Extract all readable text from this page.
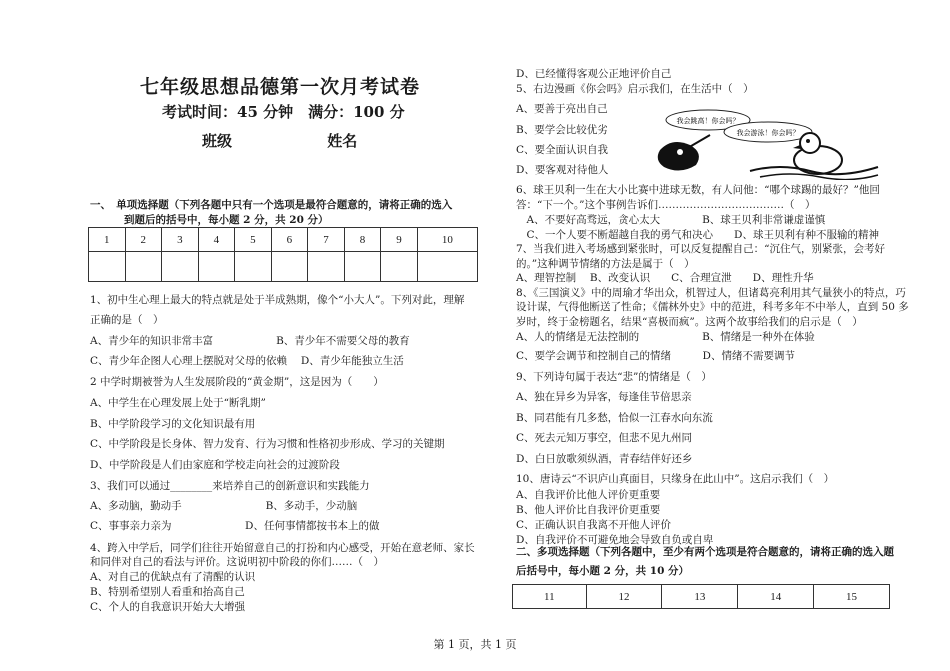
七年级思想品德第一次月考试卷
考试时间：45 分钟　满分：100 分
班级	姓名
一、　单项选择题（下列各题中只有一个选项是最符合题意的，请将正确的选入
到题后的括号中，每小题 2 分，共 20 分）
1	2	3	4	5	6	7	8	9	10

1、初中生心理上最大的特点就是处于半成熟期，像个“小大人”。下列对此，理解
正确的是（　）
A、青少年的知识非常丰富　　　　　　B、青少年不需要父母的教育
C、青少年企图人心理上摆脱对父母的依赖　 D、青少年能独立生活
2 中学时期被誉为人生发展阶段的“黄金期”，这是因为（　　）
A、中学生在心理发展上处于“断乳期”
B、中学阶段学习的文化知识最有用
C、中学阶段是长身体、智力发育、行为习惯和性格初步形成、学习的关键期
D、中学阶段是人们由家庭和学校走向社会的过渡阶段
3、我们可以通过________来培养自己的创新意识和实践能力
A、多动脑，勤动手　　　　　　　　B、多动手，少动脑
C、事事亲力亲为　　　　　　　D、任何事情都按书本上的做
4、跨入中学后，同学们往往开始留意自己的打扮和内心感受，开始在意老师、家长
和同伴对自己的看法与评价。这说明初中阶段的你们……（　）
A、对自己的优缺点有了清醒的认识
B、特别希望别人看重和抬高自己
C、个人的自我意识开始大大增强
D、已经懂得客观公正地评价自己
5、右边漫画《你会吗》启示我们，在生活中（　）
A、要善于亮出自己
B、要学会比较优劣
C、要全面认识自我
D、要客观对待他人
6、球王贝利一生在大小比赛中进球无数，有人问他：“哪个球踢的最好？”他回
答：“下一个。”这个事例告诉们………………………………（　）
　A、不要好高骛远，贪心太大　　　　B、球王贝利非常谦虚谨慎
　C、一个人要不断超越自我的勇气和决心　　D、球王贝利有种不服输的精神
7、当我们进入考场感到紧张时，可以反复提醒自己：“沉住气，别紧张，会考好
的。”这种调节情绪的方法是属于（　）
A、理智控制　 B、改变认识　　C、合理宣泄　　D、理性升华
8、《三国演义》中的周瑜才华出众，机智过人，但诸葛亮利用其气量狭小的特点，巧
设计谋，气得他断送了性命；《儒林外史》中的范进，科考多年不中举人，直到 50 多
岁时，终于金榜题名，结果“喜极而疯”。这两个故事给我们的启示是（　）
A、人的情绪是无法控制的　　　　　　B、情绪是一种外在体验
C、要学会调节和控制自己的情绪　　　D、情绪不需要调节
9、下列诗句属于表达“悲”的情绪是（　）
A、独在异乡为异客，每逢佳节倍思亲
B、同君能有几多愁，恰似一江春水向东流
C、死去元知万事空，但悲不见九州同
D、白日放歌须纵酒，青春结伴好还乡
10、唐诗云“不识庐山真面目，只缘身在此山中”。这启示我们（　）
A、自我评价比他人评价更重要
B、他人评价比自我评价更重要
C、正确认识自我离不开他人评价
D、自我评价不可避免地会导致自负或自卑
二、多项选择题（下列各题中，至少有两个选项是符合题意的，请将正确的选入题
后括号中，每小题 2 分，共 10 分）
11	12	13	14	15
我会跳高！你会吗？
我会游泳！你会吗？
第 1 页，共 1 页
